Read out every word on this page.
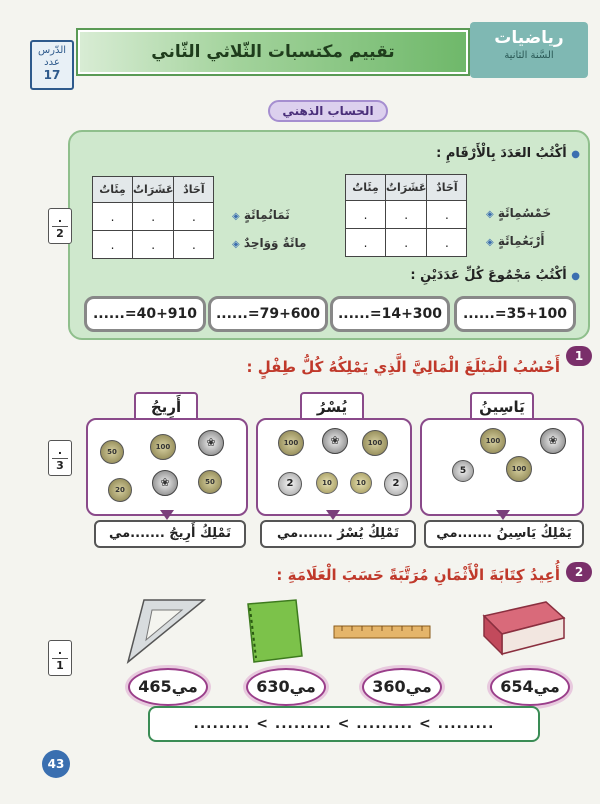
رياضيات
السَّنة الثانية
تقييم مكتسبات الثّلاثي الثّاني
الدّرس
عدد
17
الحساب الذهني
● أكْتُبُ العَدَدَ بِالْأَرْقَامِ :
مِئَاتٌ	عَشَرَاتٌ	آحَادٌ
.	.	.
.	.	.
خَمْسُمِائَةٍ ◈
أَرْبَعُمِائَةٍ ◈
مِئَاتٌ	عَشَرَاتٌ	آحَادٌ
.	.	.
.	.	.
ثَمَانُمِائَةٍ ◈
مِائَةٌ وَوَاحِدٌ ◈
● أكْتُبُ مَجْمُوعَ كُلِّ عَدَدَيْنِ :
......=35+100
......=14+300
......=79+600
......=40+910
.
2
1
أَحْسُبُ الْمَبْلَغَ الْمَالِيَّ الَّذِي يَمْلِكُهُ كُلُّ طِفْلٍ :
يَاسِينُ
❀
100
100
5
يَمْلِكُ يَاسِينُ .......مي
يُسْرُ
100	❀	100
2	10	10	2
تَمْلِكُ يُسْرُ .......مي
أَرِيجُ
❀
100
50
50
❀
20
تَمْلِكُ أَرِيجُ .......مي
.
3
2
أُعِيدُ كِتَابَةَ الْأَثْمَانِ مُرَتَّبَةً حَسَبَ الْعَلَامَةِ :
654مي
360مي
630مي
465مي
......... < ......... < ......... < .........
.
1
43
